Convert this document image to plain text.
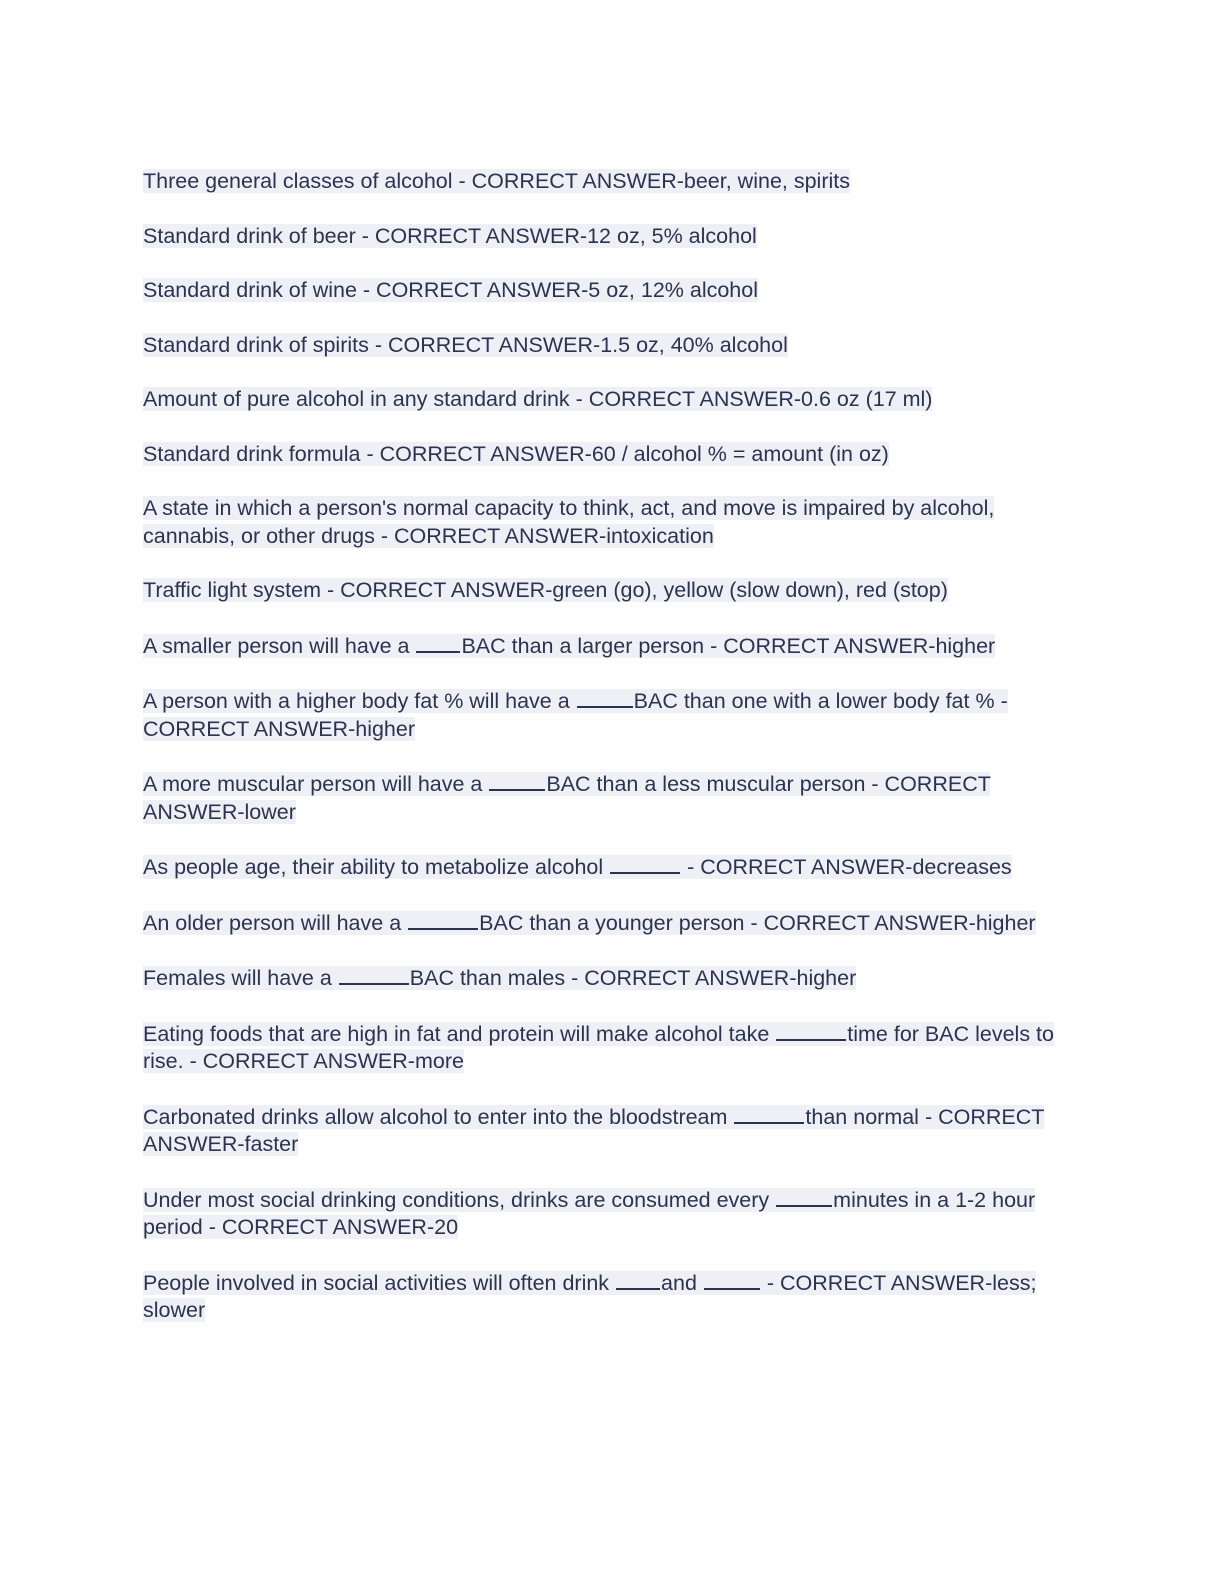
Three general classes of alcohol - CORRECT ANSWER-beer, wine, spirits

Standard drink of beer - CORRECT ANSWER-12 oz, 5% alcohol

Standard drink of wine - CORRECT ANSWER-5 oz, 12% alcohol

Standard drink of spirits - CORRECT ANSWER-1.5 oz, 40% alcohol

Amount of pure alcohol in any standard drink - CORRECT ANSWER-0.6 oz (17 ml)

Standard drink formula - CORRECT ANSWER-60 / alcohol % = amount (in oz)

A state in which a person's normal capacity to think, act, and move is impaired by alcohol, cannabis, or other drugs - CORRECT ANSWER-intoxication

Traffic light system - CORRECT ANSWER-green (go), yellow (slow down), red (stop)

A smaller person will have a BAC than a larger person - CORRECT ANSWER-higher

A person with a higher body fat % will have a	BAC than one with a lower body fat % - CORRECT ANSWER-higher

A more muscular person will have a	BAC than a less muscular person - CORRECT ANSWER-lower

As people age, their ability to metabolize alcohol	- CORRECT ANSWER-decreases

An older person will have a	BAC than a younger person - CORRECT ANSWER-higher

Females will have a	BAC than males - CORRECT ANSWER-higher

Eating foods that are high in fat and protein will make alcohol take	time for BAC levels to rise. - CORRECT ANSWER-more

Carbonated drinks allow alcohol to enter into the bloodstream	than normal - CORRECT ANSWER-faster

Under most social drinking conditions, drinks are consumed every	minutes in a 1-2 hour period - CORRECT ANSWER-20

People involved in social activities will often drink and	- CORRECT ANSWER-less; slower
